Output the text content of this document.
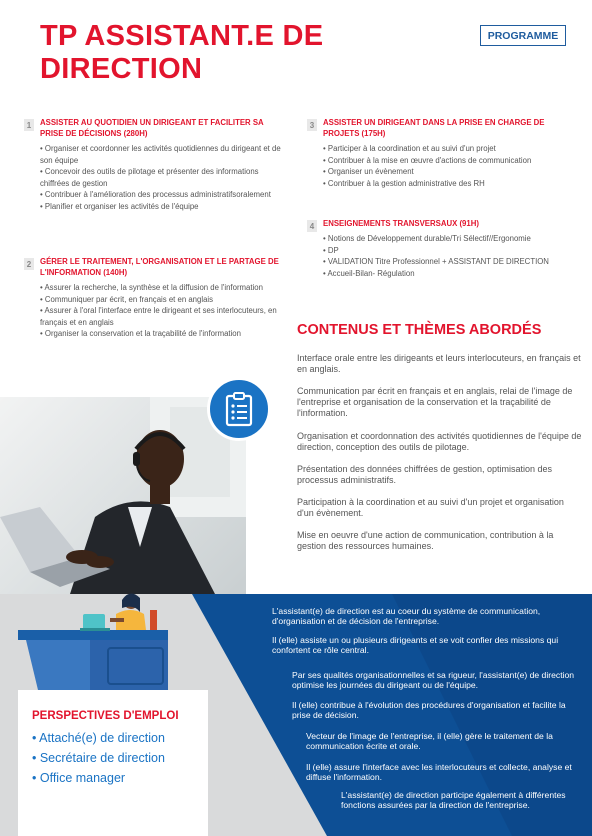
TP ASSISTANT.E DE DIRECTION
PROGRAMME
1	ASSISTER AU QUOTIDIEN UN DIRIGEANT ET FACILITER SA PRISE DE DÉCISIONS (280H)
• Organiser et coordonner les activités quotidiennes du dirigeant et de son équipe
• Concevoir des outils de pilotage et présenter des informations chiffrées de gestion
• Contribuer à l'amélioration des processus administratifsoralement
• Planifier et organiser les activités de l'équipe
2	GÉRER LE TRAITEMENT, L'ORGANISATION ET LE PARTAGE DE L'INFORMATION (140H)
• Assurer la recherche, la synthèse et la diffusion de l'information
• Communiquer par écrit, en français et en anglais
• Assurer à l'oral l'interface entre le dirigeant et ses interlocuteurs, en français et en anglais
• Organiser la conservation et la traçabilité de l'information
3	ASSISTER UN DIRIGEANT DANS LA PRISE EN CHARGE DE PROJETS (175H)
• Participer à la coordination et au suivi d'un projet
• Contribuer à la mise en œuvre d'actions de communication
• Organiser un évènement
• Contribuer à la gestion administrative des RH
4	ENSEIGNEMENTS TRANSVERSAUX (91H)
• Notions de Développement durable/Tri Sélectif//Ergonomie
• DP
• VALIDATION Titre Professionnel + ASSISTANT DE DIRECTION
• Accueil-Bilan- Régulation
CONTENUS ET THÈMES ABORDÉS
Interface orale entre les dirigeants et leurs interlocuteurs, en français et en anglais.
Communication par écrit en français et en anglais, relai de l'image de l'entreprise et organisation de la conservation et la traçabilité de l'information.
Organisation et coordonnation des activités quotidiennes de l'équipe de direction, conception des outils de pilotage.
Présentation des données chiffrées de gestion, optimisation des processus administratifs.
Participation à la coordination et au suivi d'un projet et organisation d'un évènement.
Mise en oeuvre d'une action de communication, contribution à la gestion des ressources humaines.
PERSPECTIVES D'EMPLOI
• Attaché(e) de direction
• Secrétaire de direction
• Office manager
L'assistant(e) de direction est au coeur du système de communication, d'organisation et de décision de l'entreprise.
Il (elle) assiste un ou plusieurs dirigeants et se voit confier des missions qui confortent ce rôle central.
Par ses qualités organisationnelles et sa rigueur, l'assistant(e) de direction optimise les journées du dirigeant ou de l'équipe.
Il (elle) contribue à l'évolution des procédures d'organisation et facilite la prise de décision.
Vecteur de l'image de l'entreprise, il (elle) gère le traitement de la communication écrite et orale.
Il (elle) assure l'interface avec les interlocuteurs et collecte, analyse et diffuse l'information.
L'assistant(e) de direction participe également à différentes fonctions assurées par la direction de l'entreprise.
